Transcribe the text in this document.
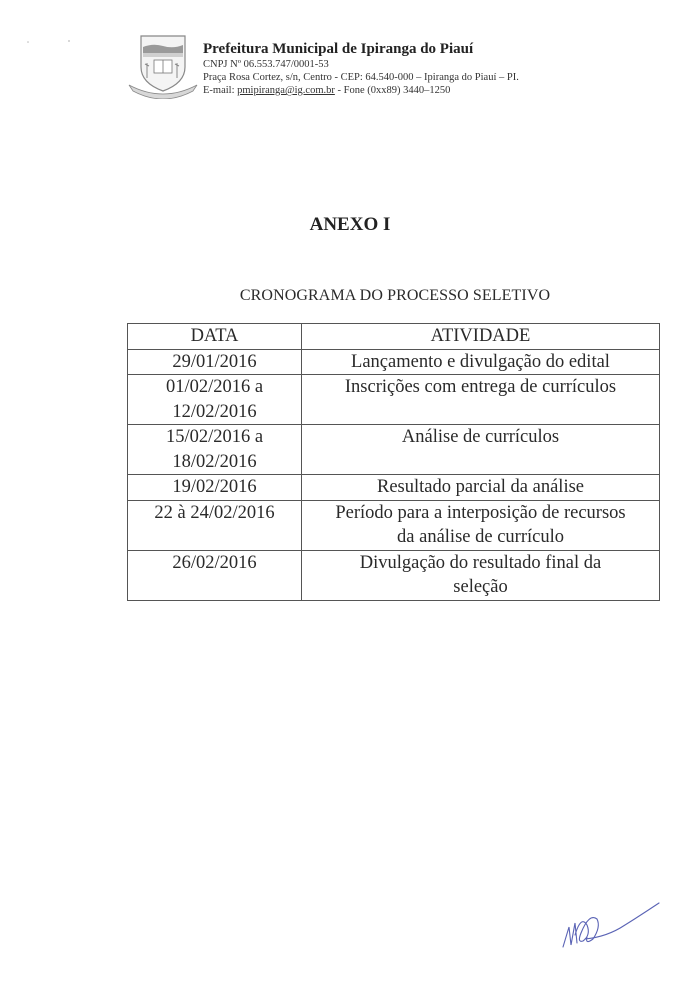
Prefeitura Municipal de Ipiranga do Piauí
CNPJ Nº 06.553.747/0001-53
Praça Rosa Cortez, s/n, Centro - CEP: 64.540-000 – Ipiranga do Piauí – PI.
E-mail: pmipiranga@ig.com.br - Fone (0xx89) 3440–1250
ANEXO I
CRONOGRAMA DO PROCESSO SELETIVO
DATA	ATIVIDADE

29/01/2016	Lançamento e divulgação do edital

01/02/2016 a
12/02/2016	Inscrições com entrega de currículos

15/02/2016 a
18/02/2016	Análise de currículos

19/02/2016	Resultado parcial da análise

22 à 24/02/2016	Período para a interposição de recursos
da análise de currículo

26/02/2016	Divulgação do resultado final da
seleção
